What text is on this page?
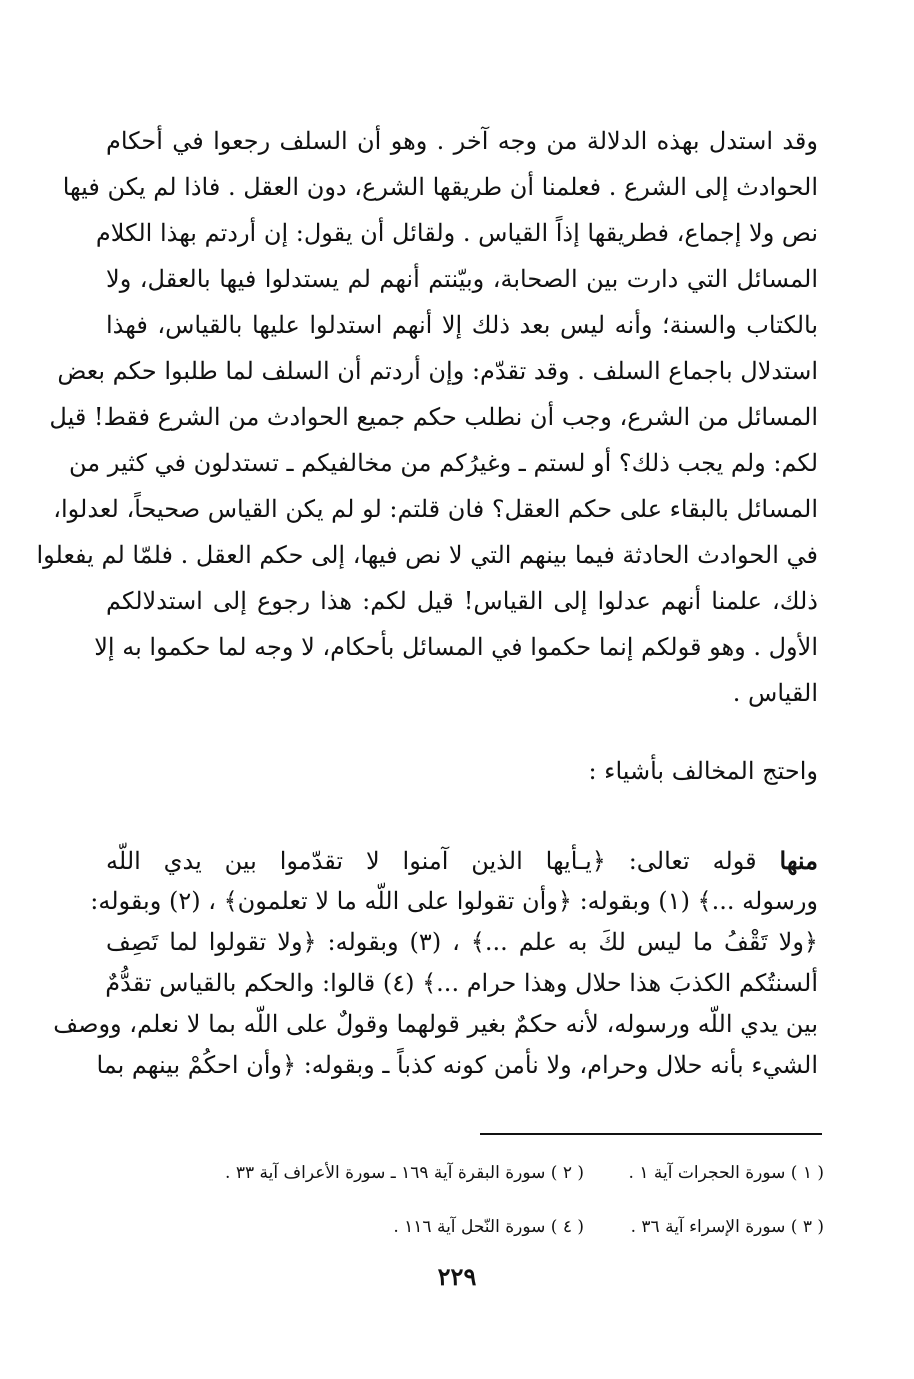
وقد استدل بهذه الدلالة من وجه آخر . وهو أن السلف رجعوا في أحكام
الحوادث إلى الشرع . فعلمنا أن طريقها الشرع، دون العقل . فاذا لم يكن فيها
نص ولا إجماع، فطريقها إذاً القياس . ولقائل أن يقول: إن أردتم بهذا الكلام
المسائل التي دارت بين الصحابة، وبيّنتم أنهم لم يستدلوا فيها بالعقل، ولا
بالكتاب والسنة؛ وأنه ليس بعد ذلك إلا أنهم استدلوا عليها بالقياس، فهذا
استدلال باجماع السلف . وقد تقدّم: وإن أردتم أن السلف لما طلبوا حكم بعض
المسائل من الشرع، وجب أن نطلب حكم جميع الحوادث من الشرع فقط! قيل
لكم: ولم يجب ذلك؟ أو لستم ـ وغيرُكم من مخالفيكم ـ تستدلون في كثير من
المسائل بالبقاء على حكم العقل؟ فان قلتم: لو لم يكن القياس صحيحاً، لعدلوا،
في الحوادث الحادثة فيما بينهم التي لا نص فيها، إلى حكم العقل . فلمّا لم يفعلوا
ذلك، علمنا أنهم عدلوا إلى القياس! قيل لكم: هذا رجوع إلى استدلالكم
الأول . وهو قولكم إنما حكموا في المسائل بأحكام، لا وجه لما حكموا به إلا
القياس .
واحتج المخالف بأشياء :
منها قوله تعالى: ﴿يـأيها الذين آمنوا لا تقدّموا بين يدي اللّه
ورسوله ...﴾ (١) وبقوله: ﴿وأن تقولوا على اللّه ما لا تعلمون﴾ ، (٢) وبقوله:
﴿ولا تَقْفُ ما ليس لكَ به علم ...﴾ ، (٣) وبقوله: ﴿ولا تقولوا لما تَصِف
ألسنتُكم الكذبَ هذا حلال وهذا حرام ...﴾ (٤) قالوا: والحكم بالقياس تقدُّمٌ
بين يدي اللّه ورسوله، لأنه حكمٌ بغير قولهما وقولٌ على اللّه بما لا نعلم، ووصف
الشيء بأنه حلال وحرام، ولا نأمن كونه كذباً ـ وبقوله: ﴿وأن احكُمْ بينهم بما
( ١ ) سورة الحجرات آية ١ .
( ٢ ) سورة البقرة آية ١٦٩ ـ سورة الأعراف آية ٣٣ .
( ٣ ) سورة الإسراء آية ٣٦ .
( ٤ ) سورة النّحل آية ١١٦ .
٢٢٩
